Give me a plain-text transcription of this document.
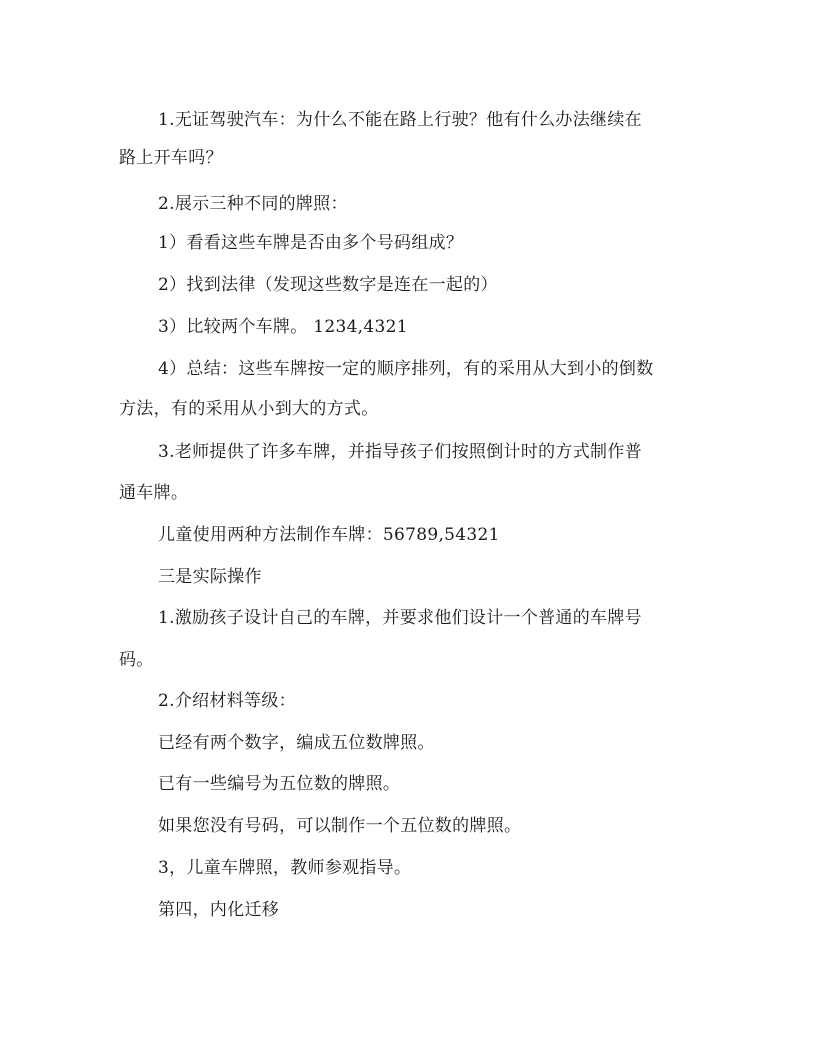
1.无证驾驶汽车：为什么不能在路上行驶？他有什么办法继续在
路上开车吗？
2.展示三种不同的牌照：
1）看看这些车牌是否由多个号码组成？
2）找到法律（发现这些数字是连在一起的）
3）比较两个车牌。 1234,4321
4）总结：这些车牌按一定的顺序排列，有的采用从大到小的倒数
方法，有的采用从小到大的方式。
3.老师提供了许多车牌，并指导孩子们按照倒计时的方式制作普
通车牌。
儿童使用两种方法制作车牌：56789,54321
三是实际操作
1.激励孩子设计自己的车牌，并要求他们设计一个普通的车牌号
码。
2.介绍材料等级：
已经有两个数字，编成五位数牌照。
已有一些编号为五位数的牌照。
如果您没有号码，可以制作一个五位数的牌照。
3，儿童车牌照，教师参观指导。
第四，内化迁移
